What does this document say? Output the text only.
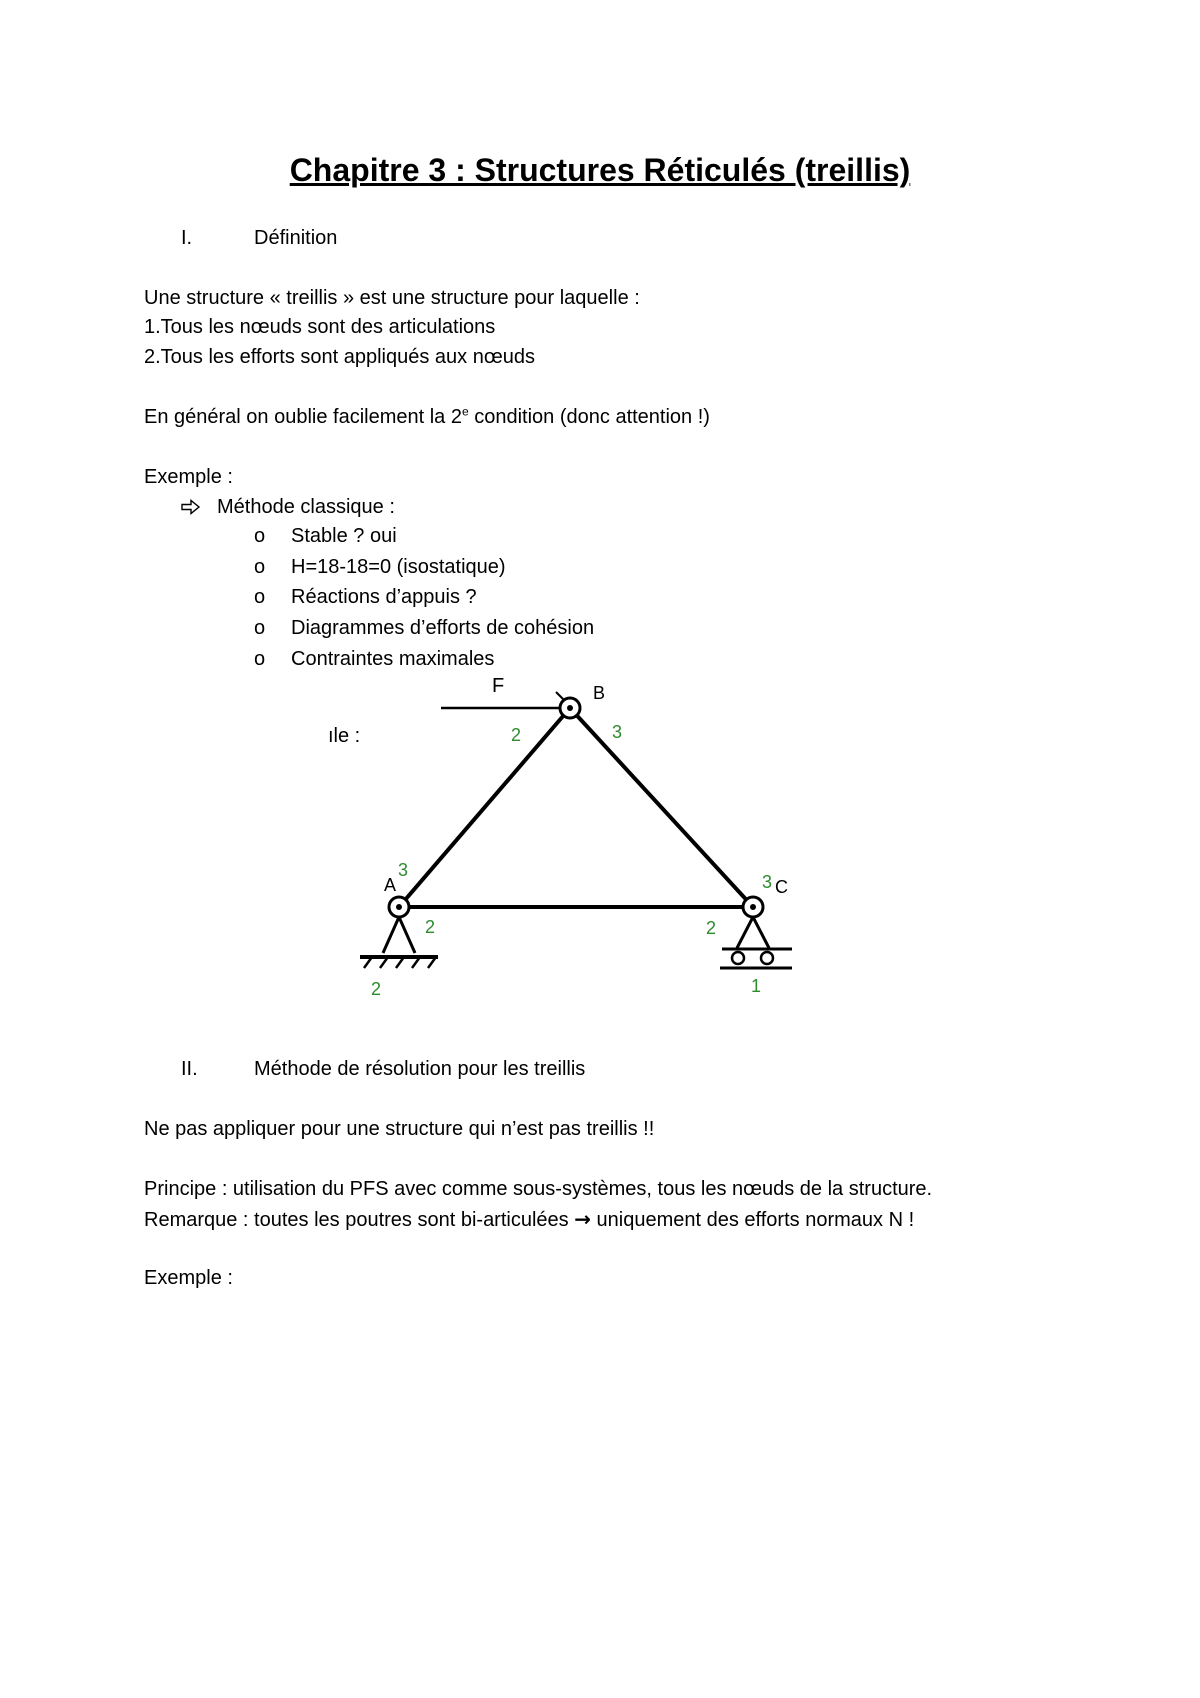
Chapitre 3 : Structures Réticulés (treillis)
I.	Définition
Une structure « treillis » est une structure pour laquelle :
1.Tous les nœuds sont des articulations
2.Tous les efforts sont appliqués aux nœuds
En général on oublie facilement la 2e condition (donc attention !)
Exemple :
Méthode classique :
o Stable ? oui
o H=18-18=0 (isostatique)
o Réactions d’appuis ?
o Diagrammes d’efforts de cohésion
o Contraintes maximales
ıle :
F	B
A	C
2	3
3
2	2
2
3
1
II.	Méthode de résolution pour les treillis
Ne pas appliquer pour une structure qui n’est pas treillis !!
Principe : utilisation du PFS avec comme sous-systèmes, tous les nœuds de la structure.
Remarque : toutes les poutres sont bi-articulées → uniquement des efforts normaux N !
Exemple :
